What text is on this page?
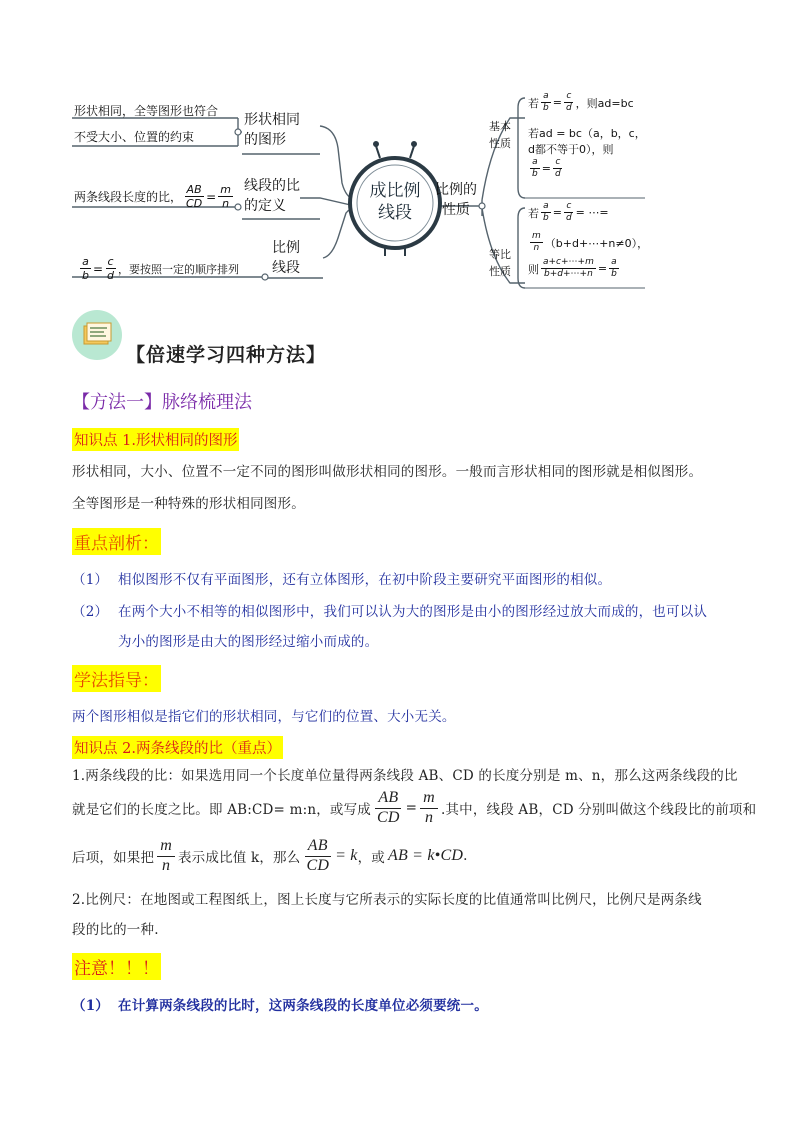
形状相同，全等图形也符合
不受大小、位置的约束
形状相同
的图形
两条线段长度的比， $\frac{AB}{CD} = \frac{m}{n}$ 线段的比
的定义
$\frac{a}{b} = \frac{c}{d}$ ，要按照一定的顺序排列
比例
线段
成比例
线段
比例的
性质
基本
性质
若 $\frac{a}{b} = \frac{c}{d}$ ，则ad=bc
若ad = bc（a，b，c，
d都不等于0），则
$\frac{a}{b} = \frac{c}{d}$
等比
性质
若 $\frac{a}{b} = \frac{c}{d}$ = ⋯=
$\frac{m}{n}$ （b+d+⋯+n≠0），
则 $\frac{a+c+\cdots+m}{b+d+\cdots+n} = \frac{a}{b}$
【倍速学习四种方法】
【方法一】脉络梳理法
知识点 1.形状相同的图形
形状相同，大小、位置不一定不同的图形叫做形状相同的图形。一般而言形状相同的图形就是相似图形。
全等图形是一种特殊的形状相同图形。
重点剖析：
（1） 相似图形不仅有平面图形，还有立体图形，在初中阶段主要研究平面图形的相似。
（2） 在两个大小不相等的相似图形中，我们可以认为大的图形是由小的图形经过放大而成的，也可以认
为小的图形是由大的图形经过缩小而成的。
学法指导：
两个图形相似是指它们的形状相同，与它们的位置、大小无关。
知识点 2.两条线段的比（重点）
1.两条线段的比：如果选用同一个长度单位量得两条线段 AB、CD 的长度分别是 m、n，那么这两条线段的比
就是它们的长度之比。即 AB:CD= m:n，或写成 $\frac{AB}{CD} = \frac{m}{n}$ .其中，线段 AB，CD 分别叫做这个线段比的前项和
后项，如果把 $\frac{m}{n}$ 表示成比值 k，那么 $\frac{AB}{CD} = k$ ，或 AB = k•CD .
2.比例尺：在地图或工程图纸上，图上长度与它所表示的实际长度的比值通常叫比例尺，比例尺是两条线
段的比的一种.
注意！！！
（1） 在计算两条线段的比时，这两条线段的长度单位必须要统一。
